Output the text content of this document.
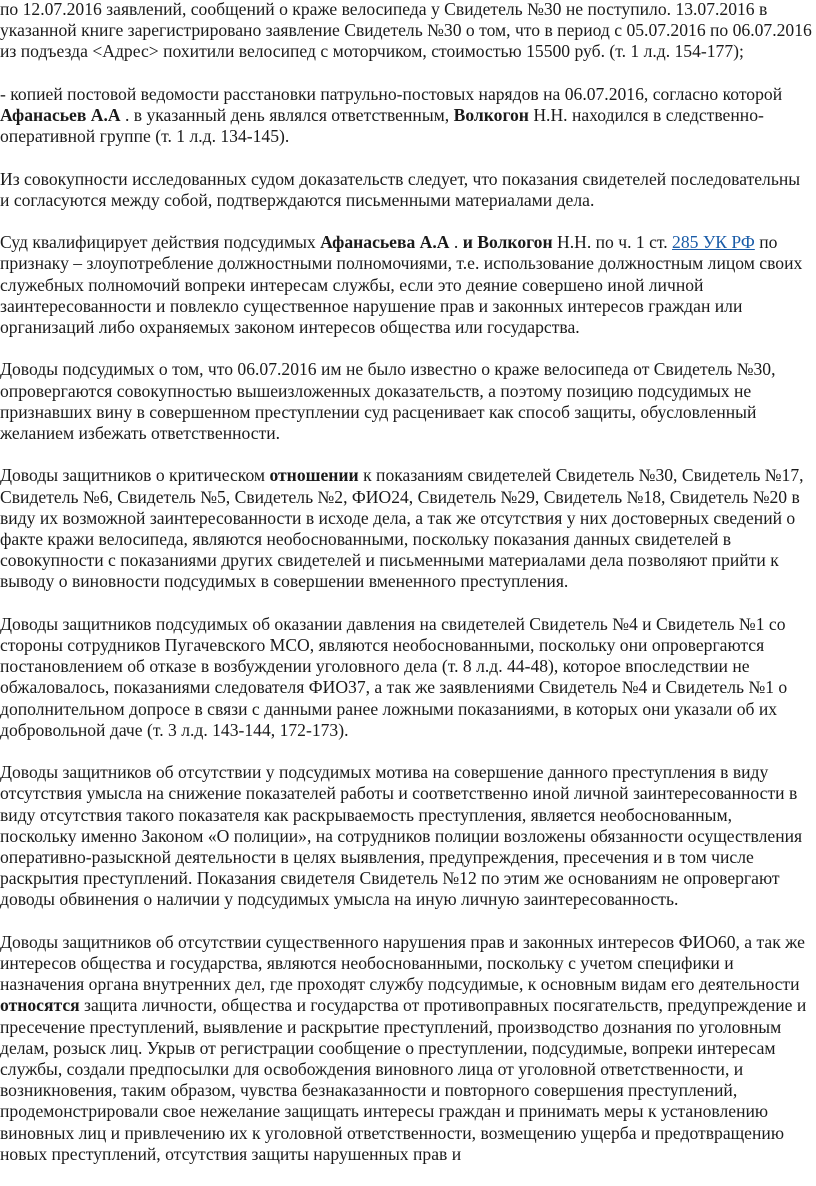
по 12.07.2016 заявлений, сообщений о краже велосипеда у Свидетель №30 не поступило. 13.07.2016 в указанной книге зарегистрировано заявление Свидетель №30 о том, что в период с 05.07.2016 по 06.07.2016 из подъезда <Адрес> похитили велосипед с моторчиком, стоимостью 15500 руб. (т. 1 л.д. 154-177);

- копией постовой ведомости расстановки патрульно-постовых нарядов на 06.07.2016, согласно которой Афанасьев А.А . в указанный день являлся ответственным, Волкогон Н.Н. находился в следственно-оперативной группе (т. 1 л.д. 134-145).

Из совокупности исследованных судом доказательств следует, что показания свидетелей последовательны и согласуются между собой, подтверждаются письменными материалами дела.

Суд квалифицирует действия подсудимых Афанасьева А.А . и Волкогон Н.Н. по ч. 1 ст. 285 УК РФ по признаку – злоупотребление должностными полномочиями, т.е. использование должностным лицом своих служебных полномочий вопреки интересам службы, если это деяние совершено иной личной заинтересованности и повлекло существенное нарушение прав и законных интересов граждан или организаций либо охраняемых законом интересов общества или государства.

Доводы подсудимых о том, что 06.07.2016 им не было известно о краже велосипеда от Свидетель №30, опровергаются совокупностью вышеизложенных доказательств, а поэтому позицию подсудимых не признавших вину в совершенном преступлении суд расценивает как способ защиты, обусловленный желанием избежать ответственности.

Доводы защитников о критическом отношении к показаниям свидетелей Свидетель №30, Свидетель №17, Свидетель №6, Свидетель №5, Свидетель №2, ФИО24, Свидетель №29, Свидетель №18, Свидетель №20 в виду их возможной заинтересованности в исходе дела, а так же отсутствия у них достоверных сведений о факте кражи велосипеда, являются необоснованными, поскольку показания данных свидетелей в совокупности с показаниями других свидетелей и письменными материалами дела позволяют прийти к выводу о виновности подсудимых в совершении вмененного преступления.

Доводы защитников подсудимых об оказании давления на свидетелей Свидетель №4 и Свидетель №1 со стороны сотрудников Пугачевского МСО, являются необоснованными, поскольку они опровергаются постановлением об отказе в возбуждении уголовного дела (т. 8 л.д. 44-48), которое впоследствии не обжаловалось, показаниями следователя ФИО37, а так же заявлениями Свидетель №4 и Свидетель №1 о дополнительном допросе в связи с данными ранее ложными показаниями, в которых они указали об их добровольной даче (т. 3 л.д. 143-144, 172-173).

Доводы защитников об отсутствии у подсудимых мотива на совершение данного преступления в виду отсутствия умысла на снижение показателей работы и соответственно иной личной заинтересованности в виду отсутствия такого показателя как раскрываемость преступления, является необоснованным, поскольку именно Законом «О полиции», на сотрудников полиции возложены обязанности осуществления оперативно-разыскной деятельности в целях выявления, предупреждения, пресечения и в том числе раскрытия преступлений. Показания свидетеля Свидетель №12 по этим же основаниям не опровергают доводы обвинения о наличии у подсудимых умысла на иную личную заинтересованность.

Доводы защитников об отсутствии существенного нарушения прав и законных интересов ФИО60, а так же интересов общества и государства, являются необоснованными, поскольку с учетом специфики и назначения органа внутренних дел, где проходят службу подсудимые, к основным видам его деятельности относятся защита личности, общества и государства от противоправных посягательств, предупреждение и пресечение преступлений, выявление и раскрытие преступлений, производство дознания по уголовным делам, розыск лиц. Укрыв от регистрации сообщение о преступлении, подсудимые, вопреки интересам службы, создали предпосылки для освобождения виновного лица от уголовной ответственности, и возникновения, таким образом, чувства безнаказанности и повторного совершения преступлений, продемонстрировали свое нежелание защищать интересы граждан и принимать меры к установлению виновных лиц и привлечению их к уголовной ответственности, возмещению ущерба и предотвращению новых преступлений, отсутствия защиты нарушенных прав и
